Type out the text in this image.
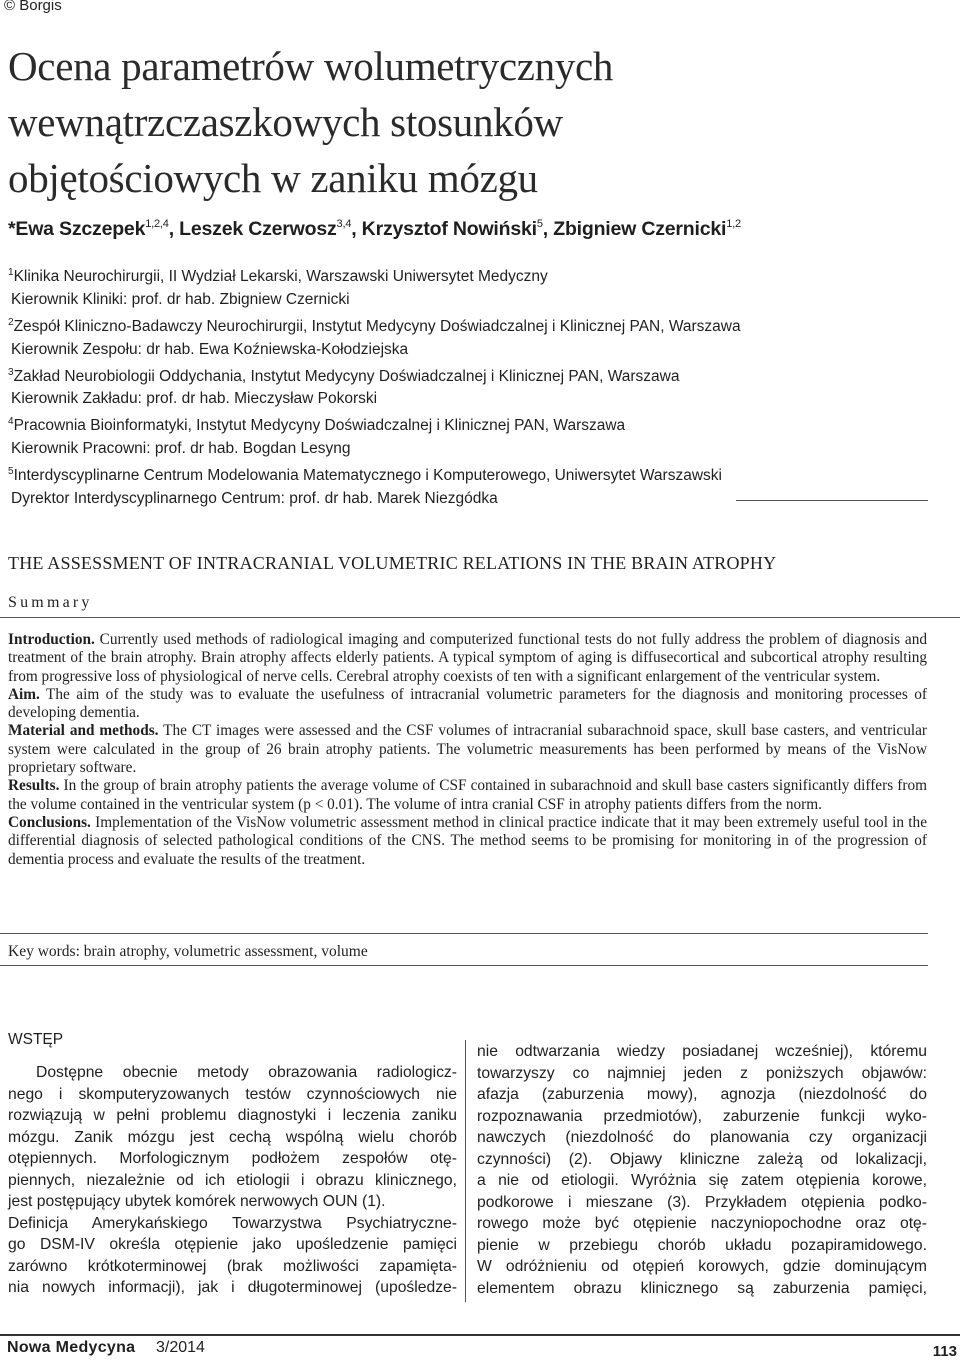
© Borgis
Ocena parametrów wolumetrycznych
wewnątrzczaszkowych stosunków
objętościowych w zaniku mózgu
*Ewa Szczepek$^{1,2,4}$, Leszek Czerwosz$^{3,4}$, Krzysztof Nowiński$^5$, Zbigniew Czernicki$^{1,2}$
$^1$Klinika Neurochirurgii, II Wydział Lekarski, Warszawski Uniwersytet Medyczny
Kierownik Kliniki: prof. dr hab. Zbigniew Czernicki
$^2$Zespół Kliniczno-Badawczy Neurochirurgii, Instytut Medycyny Doświadczalnej i Klinicznej PAN, Warszawa
Kierownik Zespołu: dr hab. Ewa Koźniewska-Kołodziejska
$^3$Zakład Neurobiologii Oddychania, Instytut Medycyny Doświadczalnej i Klinicznej PAN, Warszawa
Kierownik Zakładu: prof. dr hab. Mieczysław Pokorski
$^4$Pracownia Bioinformatyki, Instytut Medycyny Doświadczalnej i Klinicznej PAN, Warszawa
Kierownik Pracowni: prof. dr hab. Bogdan Lesyng
$^5$Interdyscyplinarne Centrum Modelowania Matematycznego i Komputerowego, Uniwersytet Warszawski
Dyrektor Interdyscyplinarnego Centrum: prof. dr hab. Marek Niezgódka
THE ASSESSMENT OF INTRACRANIAL VOLUMETRIC RELATIONS IN THE BRAIN ATROPHY
Summary

Introduction. Currently used methods of radiological imaging and computerized functional tests do not fully address the problem of diagnosis and treatment of the brain atrophy. Brain atrophy affects elderly patients. A typical symptom of aging is diffusecortical and subcortical atrophy resulting from progressive loss of physiological of nerve cells. Cerebral atrophy coexists of ten with a significant enlargement of the ventricular system.

Aim. The aim of the study was to evaluate the usefulness of intracranial volumetric parameters for the diagnosis and monitoring processes of developing dementia.

Material and methods. The CT images were assessed and the CSF volumes of intracranial subarachnoid space, skull base casters, and ventricular system were calculated in the group of 26 brain atrophy patients. The volumetric measurements has been performed by means of the VisNow proprietary software.

Results. In the group of brain atrophy patients the average volume of CSF contained in subarachnoid and skull base casters significantly differs from the volume contained in the ventricular system (p < 0.01). The volume of intra cranial CSF in atrophy patients differs from the norm.

Conclusions. Implementation of the VisNow volumetric assessment method in clinical practice indicate that it may been extremely useful tool in the differential diagnosis of selected pathological conditions of the CNS. The method seems to be promising for monitoring in of the progression of dementia process and evaluate the results of the treatment.

Key words: brain atrophy, volumetric assessment, volume
WSTĘP
Dostępne obecnie metody obrazowania radiologicz-
nego i skomputeryzowanych testów czynnościowych nie
rozwiązują w pełni problemu diagnostyki i leczenia zaniku
mózgu. Zanik mózgu jest cechą wspólną wielu chorób
otępiennych. Morfologicznym podłożem zespołów otę-
piennych, niezależnie od ich etiologii i obrazu klinicznego,
jest postępujący ubytek komórek nerwowych OUN (1).
Definicja Amerykańskiego Towarzystwa Psychiatryczne-
go DSM-IV określa otępienie jako upośledzenie pamięci
zarówno krótkoterminowej (brak możliwości zapamięta-
nia nowych informacji), jak i długoterminowej (upośledze-
nie odtwarzania wiedzy posiadanej wcześniej), któremu
towarzyszy co najmniej jeden z poniższych objawów:
afazja (zaburzenia mowy), agnozja (niezdolność do
rozpoznawania przedmiotów), zaburzenie funkcji wyko-
nawczych (niezdolność do planowania czy organizacji
czynności) (2). Objawy kliniczne zależą od lokalizacji,
a nie od etiologii. Wyróżnia się zatem otępienia korowe,
podkorowe i mieszane (3). Przykładem otępienia podko-
rowego może być otępienie naczyniopochodne oraz otę-
pienie w przebiegu chorób układu pozapiramidowego.
W odróżnieniu od otępień korowych, gdzie dominującym
elementem obrazu klinicznego są zaburzenia pamięci,
Nowa Medycyna 3/2014	113
